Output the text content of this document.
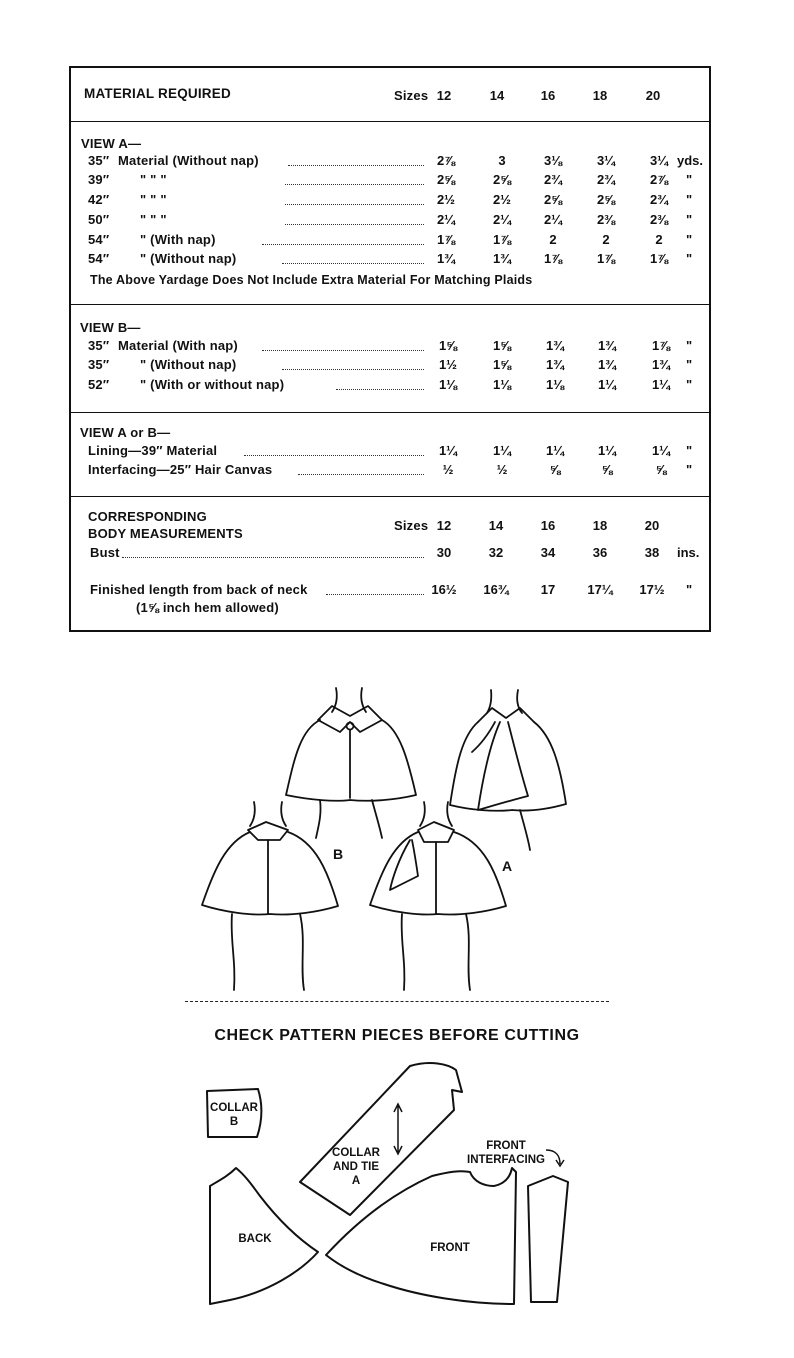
MATERIAL REQUIRED	Sizes 12	14	16	18	20
VIEW A—
35″ Material (Without nap)	2⅞	3	3⅛	3¼	3¼ yds.
39″ " " "	2⅝	2⅝	2¾	2¾	2⅞	"
42″ " " "	2½	2½	2⅝	2⅝	2¾	"
50″ " " "	2¼	2¼	2¼	2⅜	2⅜	"
54″ " (With nap)	1⅞	1⅞	2	2	2	"
54″ " (Without nap)	1¾	1¾	1⅞	1⅞	1⅞	"
The Above Yardage Does Not Include Extra Material For Matching Plaids
VIEW B—
35″ Material (With nap)	1⅝	1⅝	1¾	1¾	1⅞	"
35″ " (Without nap)	1½	1⅝	1¾	1¾	1¾	"
52″ " (With or without nap)	1⅛	1⅛	1⅛	1¼	1¼	"
VIEW A or B—
Lining—39″ Material	1¼	1¼	1¼	1¼	1¼	"
Interfacing—25″ Hair Canvas	½	½	⅝	⅝	⅝	"
CORRESPONDING
BODY MEASUREMENTS
Sizes 12	14	16	18	20
Bust	30	32	34	36	38	ins.
Finished length from back of neck	16½	16¾	17	17¼	17½	"
(1⅝ inch hem allowed)
B
A
CHECK PATTERN PIECES BEFORE CUTTING
COLLAR
B
COLLAR
AND TIE
A
FRONT
INTERFACING
BACK
FRONT
